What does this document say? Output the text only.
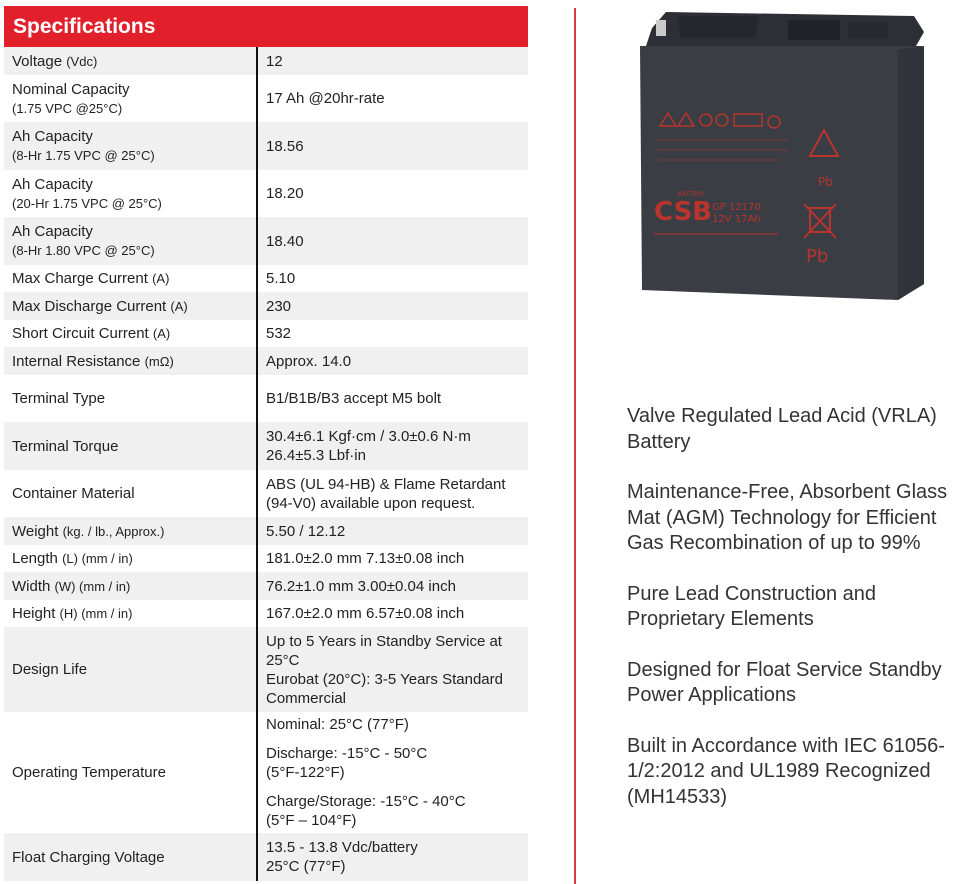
Specifications
Voltage (Vdc)	12

Nominal Capacity
(1.75 VPC @25°C)	17 Ah @20hr-rate

Ah Capacity
(8-Hr 1.75 VPC @ 25°C)	18.56

Ah Capacity
(20-Hr 1.75 VPC @ 25°C)	18.20

Ah Capacity
(8-Hr 1.80 VPC @ 25°C)	18.40
Max Charge Current (A)	5.10
Max Discharge Current (A)	230
Short Circuit Current (A)	532
Internal Resistance (mΩ)	Approx. 14.0
Terminal Type	B1/B1B/B3 accept M5 bolt
Terminal Torque	30.4±6.1 Kgf·cm / 3.0±0.6 N·m
26.4±5.3 Lbf·in

Container Material	ABS (UL 94-HB) & Flame Retardant
(94-V0) available upon request.

Weight (kg. / lb., Approx.)	5.50 / 12.12
Length (L) (mm / in)	181.0±2.0 mm 7.13±0.08 inch
Width (W) (mm / in)	76.2±1.0 mm 3.00±0.04 inch
Height (H) (mm / in)	167.0±2.0 mm 6.57±0.08 inch
Design Life	Up to 5 Years in Standby Service at
25°C
Eurobat (20°C): 3-5 Years Standard
Commercial

Operating Temperature	Nominal: 25°C (77°F)
Discharge: -15°C - 50°C
(5°F-122°F)
Charge/Storage: -15°C - 40°C
(5°F – 104°F)

Float Charging Voltage	13.5 - 13.8 Vdc/battery
25°C (77°F)
Pb
Pb
CSB
BATTERY
GP 12170
12V 17Ah

Valve Regulated Lead Acid (VRLA) Battery

Maintenance-Free, Absorbent Glass Mat (AGM) Technology for Efficient Gas Recombination of up to 99%

Pure Lead Construction and Proprietary Elements

Designed for Float Service Standby Power Applications

Built in Accordance with IEC 61056-1/2:2012 and UL1989 Recognized (MH14533)
